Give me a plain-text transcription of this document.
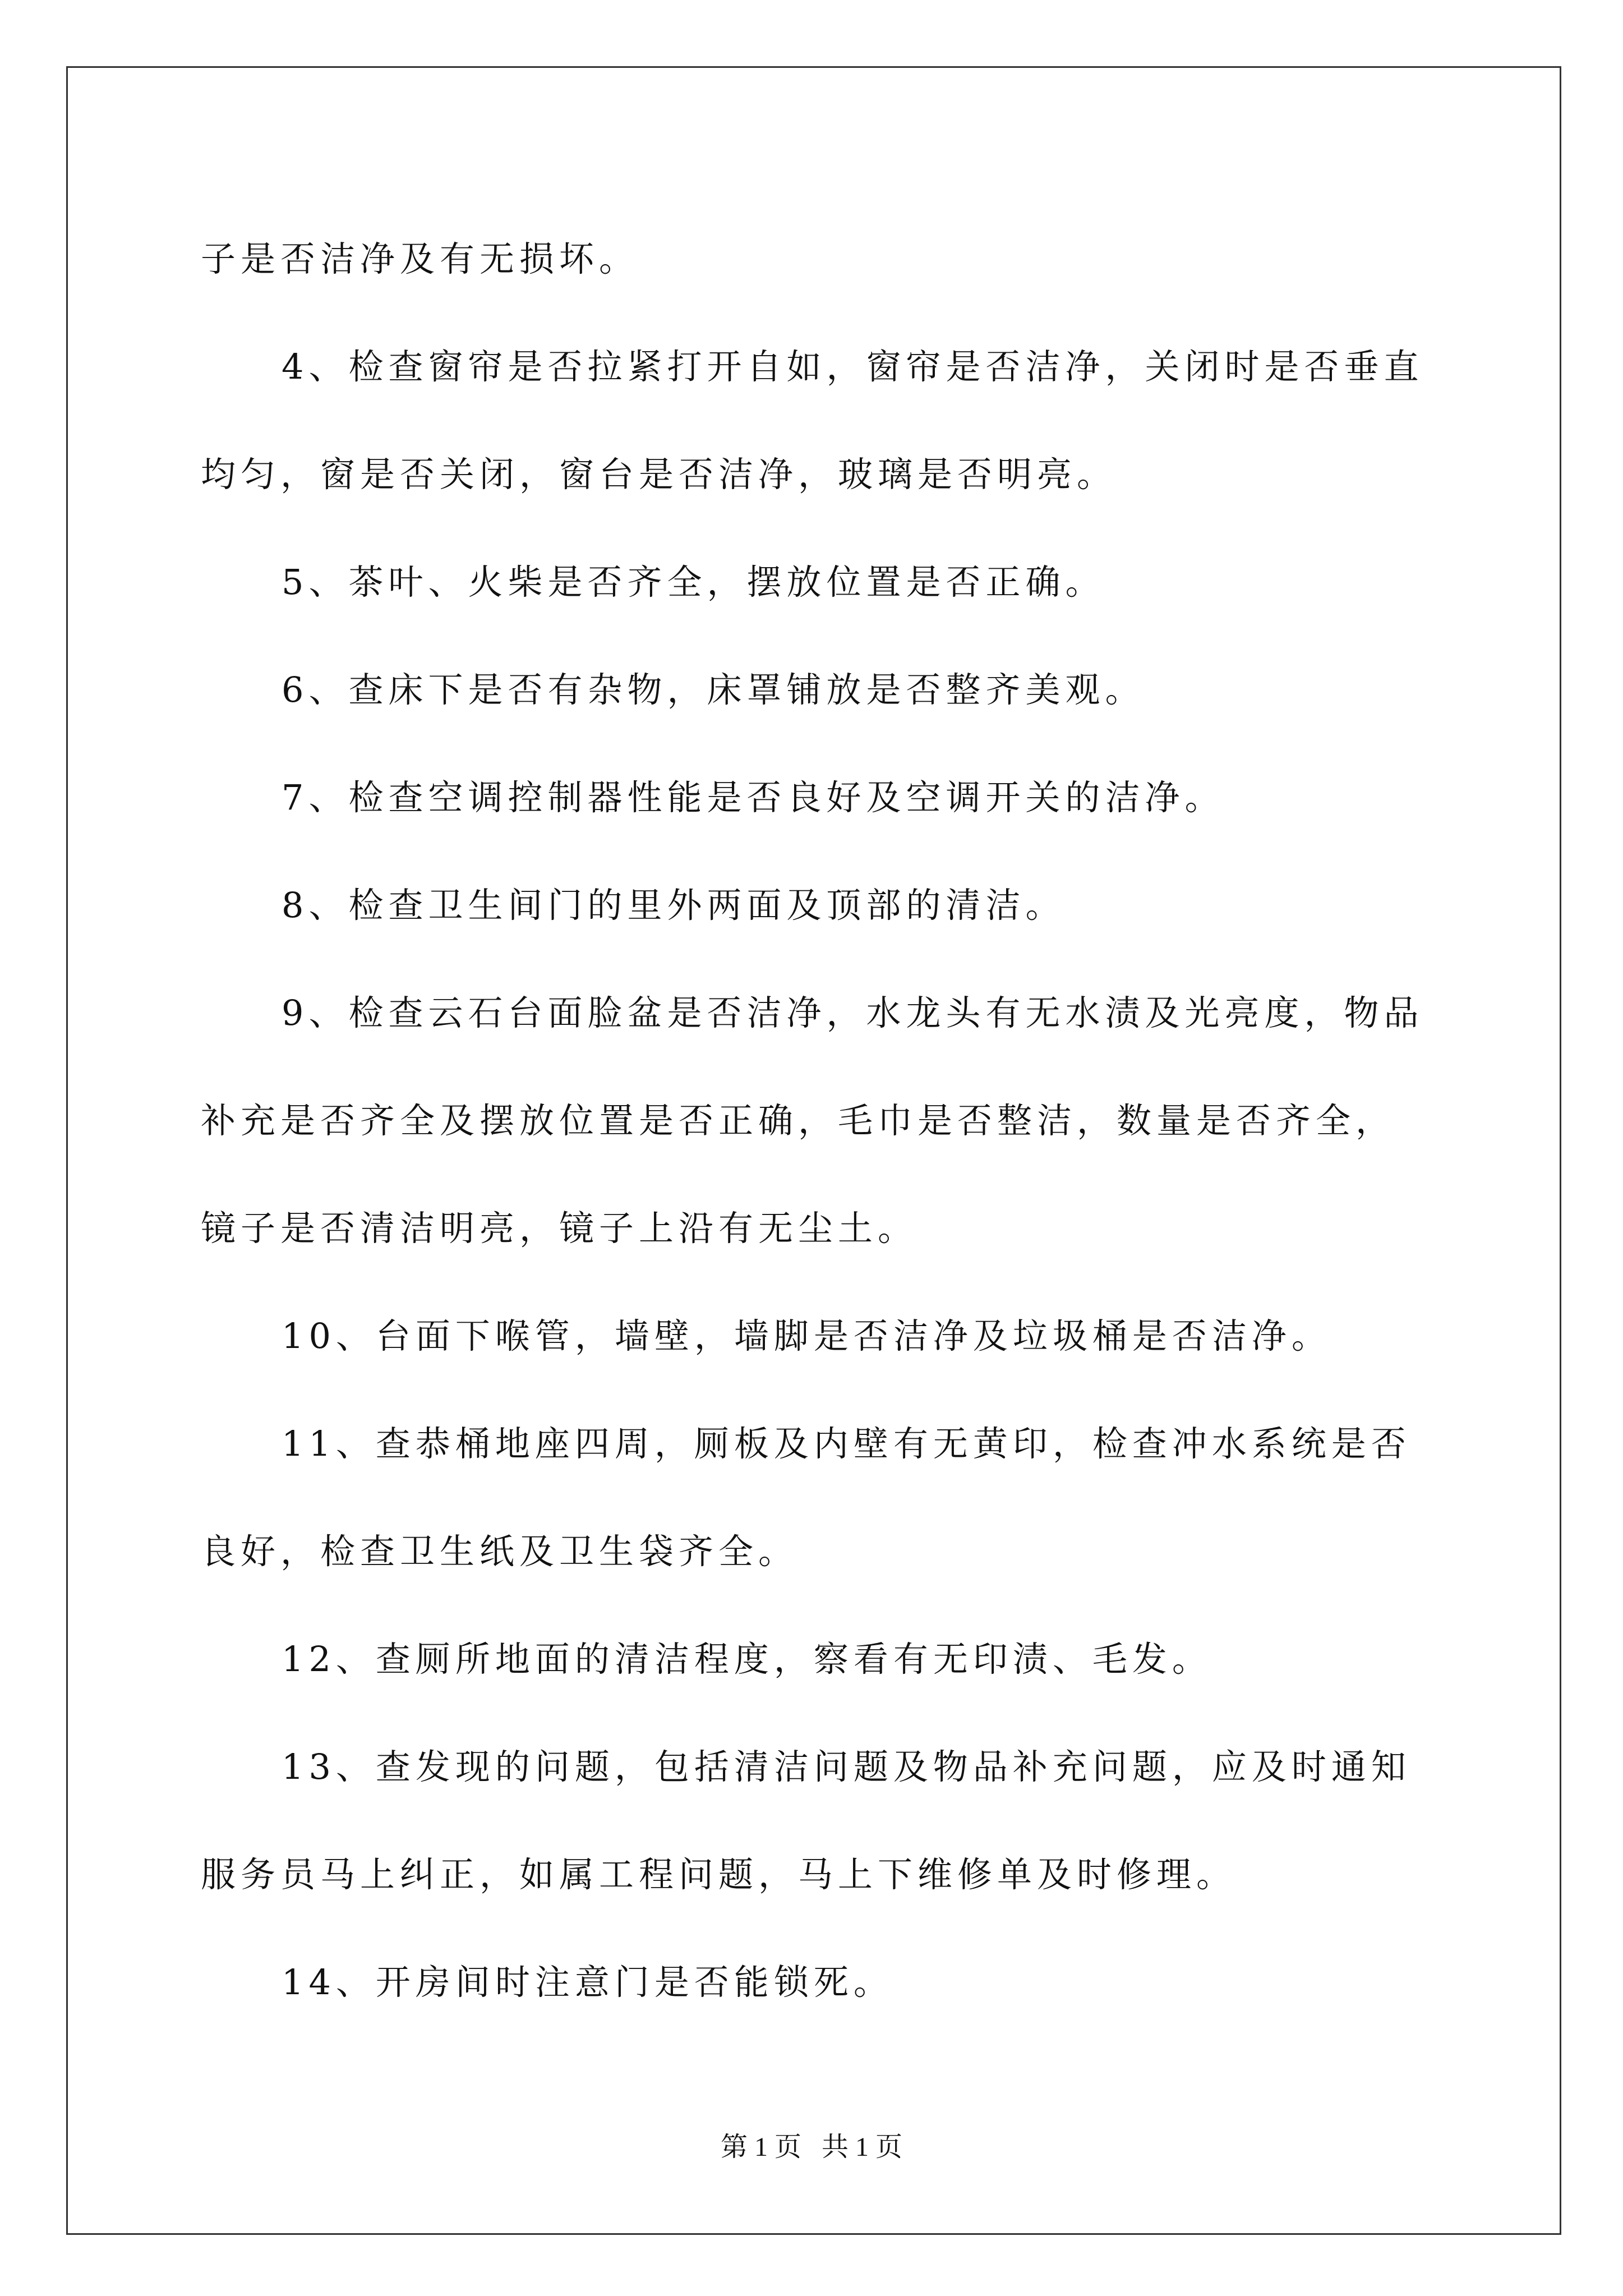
子是否洁净及有无损坏。
4、检查窗帘是否拉紧打开自如，窗帘是否洁净，关闭时是否垂直
均匀，窗是否关闭，窗台是否洁净，玻璃是否明亮。
5、茶叶、火柴是否齐全，摆放位置是否正确。
6、查床下是否有杂物，床罩铺放是否整齐美观。
7、检查空调控制器性能是否良好及空调开关的洁净。
8、检查卫生间门的里外两面及顶部的清洁。
9、检查云石台面脸盆是否洁净，水龙头有无水渍及光亮度，物品
补充是否齐全及摆放位置是否正确，毛巾是否整洁，数量是否齐全，
镜子是否清洁明亮，镜子上沿有无尘土。
10、台面下喉管，墙壁，墙脚是否洁净及垃圾桶是否洁净。
11、查恭桶地座四周，厕板及内壁有无黄印，检查冲水系统是否
良好，检查卫生纸及卫生袋齐全。
12、查厕所地面的清洁程度，察看有无印渍、毛发。
13、查发现的问题，包括清洁问题及物品补充问题，应及时通知
服务员马上纠正，如属工程问题，马上下维修单及时修理。
14、开房间时注意门是否能锁死。
第 1 页   共 1 页
